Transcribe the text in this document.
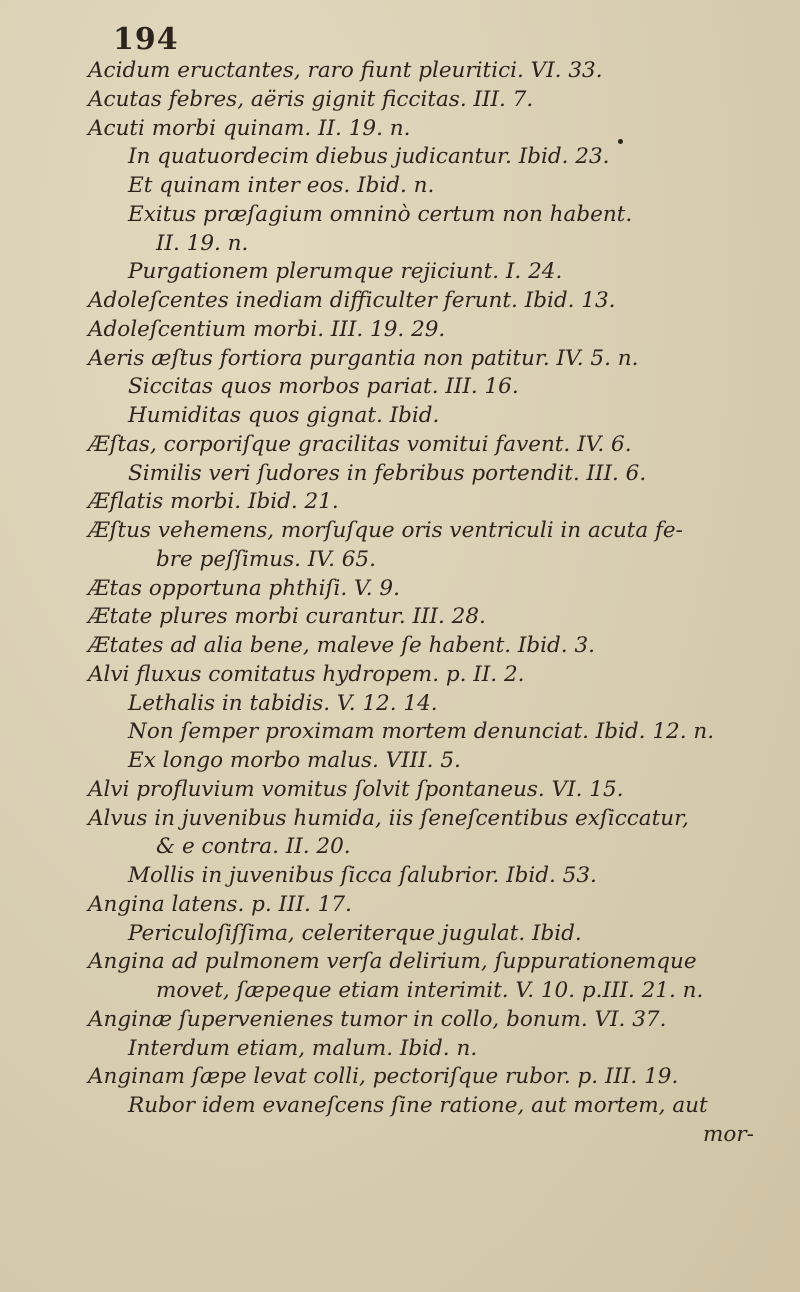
194
Acidum eructantes, raro fiunt pleuritici. VI. 33.
Acutas febres, aëris gignit ficcitas. III. 7.
Acuti morbi quinam. II. 19. n.
In quatuordecim diebus judicantur. Ibid. 23.
Et quinam inter eos. Ibid. n.
Exitus præſagium omninò certum non habent.
II. 19. n.
Purgationem plerumque rejiciunt. I. 24.
Adoleſcentes inediam difficulter ferunt. Ibid. 13.
Adoleſcentium morbi. III. 19. 29.
Aeris æſtus fortiora purgantia non patitur. IV. 5. n.
Siccitas quos morbos pariat. III. 16.
Humiditas quos gignat. Ibid.
Æſtas, corporiſque gracilitas vomitui favent. IV. 6.
Similis veri ſudores in febribus portendit. III. 6.
Æflatis morbi. Ibid. 21.
Æſtus vehemens, morſuſque oris ventriculi in acuta fe-
bre peſſimus. IV. 65.
Ætas opportuna phthiſi. V. 9.
Ætate plures morbi curantur. III. 28.
Ætates ad alia bene, maleve ſe habent. Ibid. 3.
Alvi fluxus comitatus hydropem. p. II. 2.
Lethalis in tabidis. V. 12. 14.
Non ſemper proximam mortem denunciat. Ibid. 12. n.
Ex longo morbo malus. VIII. 5.
Alvi profluvium vomitus ſolvit ſpontaneus. VI. 15.
Alvus in juvenibus humida, iis ſeneſcentibus exſiccatur,
& e contra. II. 20.
Mollis in juvenibus ſicca ſalubrior. Ibid. 53.
Angina latens. p. III. 17.
Periculoſiſſima, celeriterque jugulat. Ibid.
Angina ad pulmonem verſa delirium, ſuppurationemque
movet, ſæpeque etiam interimit. V. 10. p.III. 21. n.
Anginæ ſupervenienes tumor in collo, bonum. VI. 37.
Interdum etiam, malum. Ibid. n.
Anginam ſæpe levat colli, pectoriſque rubor. p. III. 19.
Rubor idem evaneſcens ſine ratione, aut mortem, aut
mor-
